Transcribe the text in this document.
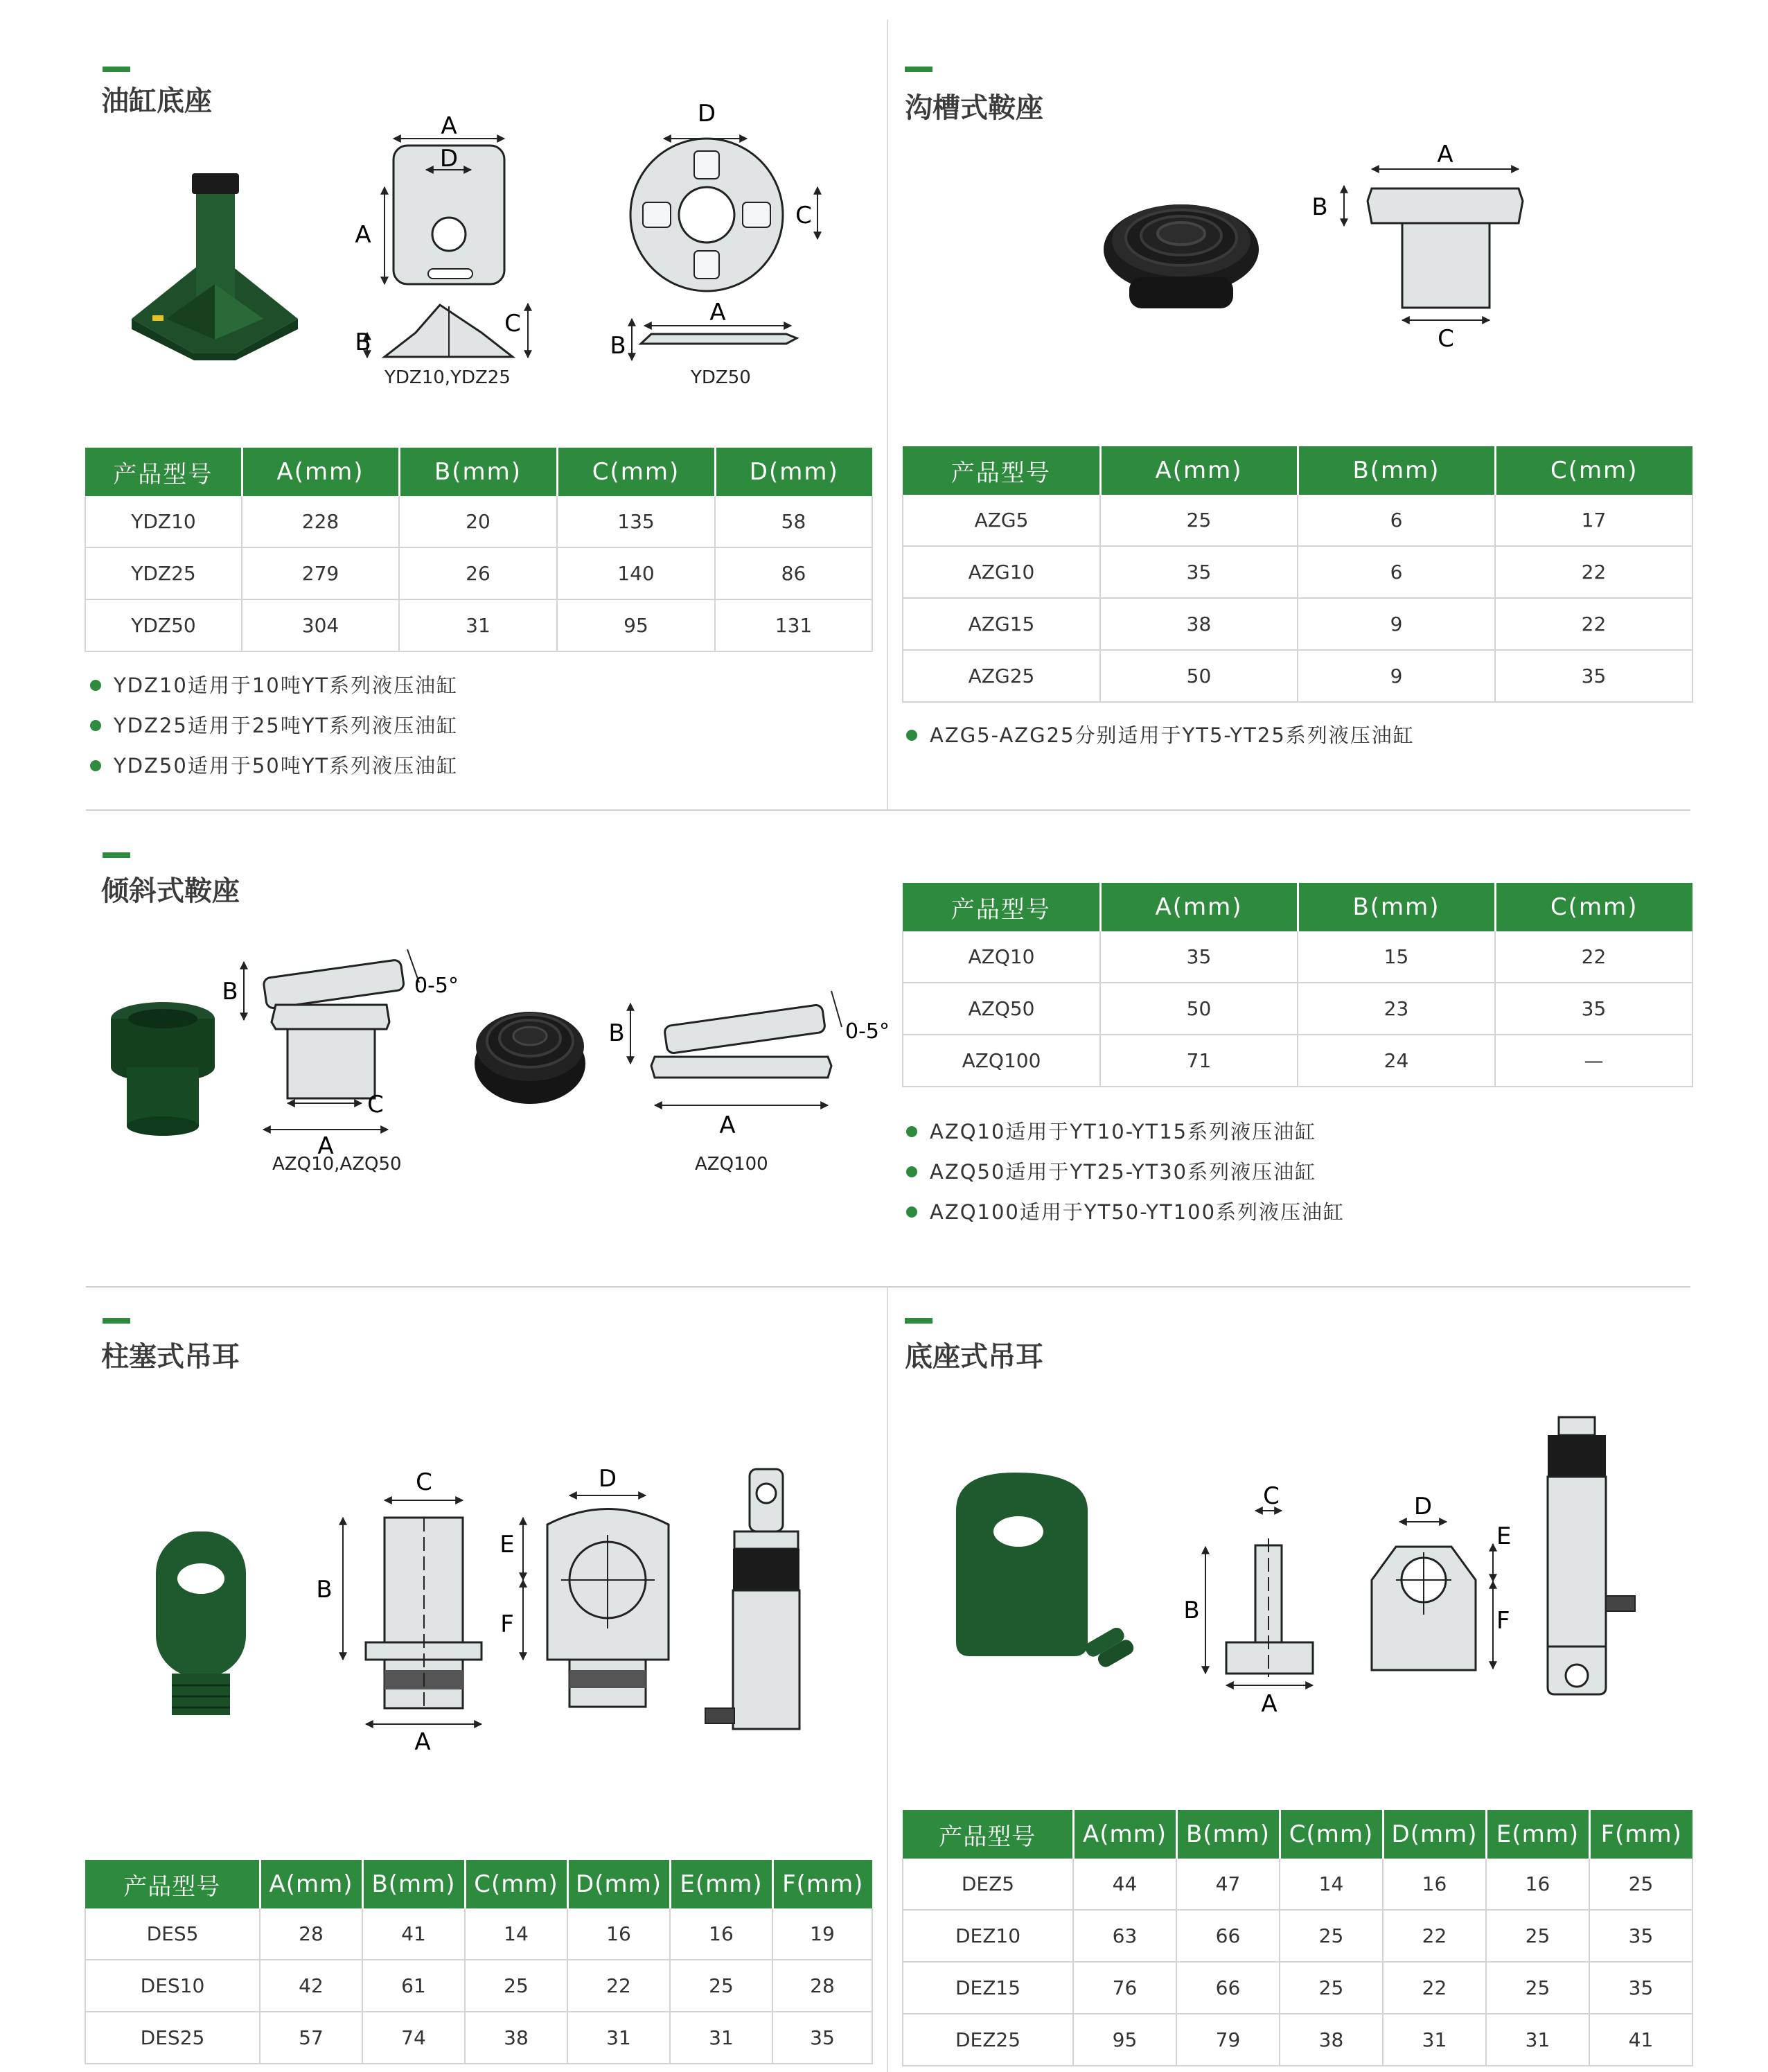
油缸底座
A
D
A
B
C
YDZ10,YDZ25
D
C
A
B
YDZ50
产品型号	A(mm)	B(mm)	C(mm)	D(mm)
YDZ10	228	20	135	58
YDZ25	279	26	140	86
YDZ50	304	31	95	131
YDZ10适用于10吨YT系列液压油缸
YDZ25适用于25吨YT系列液压油缸
YDZ50适用于50吨YT系列液压油缸
沟槽式鞍座
A
B
C
产品型号	A(mm)	B(mm)	C(mm)
AZG5	25	6	17
AZG10	35	6	22
AZG15	38	9	22
AZG25	50	9	35
AZG5-AZG25分别适用于YT5-YT25系列液压油缸
倾斜式鞍座
B	0-5°
C
A
AZQ10,AZQ50
B	0-5°
A
AZQ100
产品型号	A(mm)	B(mm)	C(mm)
AZQ10	35	15	22
AZQ50	50	23	35
AZQ100	71	24	—
AZQ10适用于YT10-YT15系列液压油缸
AZQ50适用于YT25-YT30系列液压油缸
AZQ100适用于YT50-YT100系列液压油缸
柱塞式吊耳
C
B
A
D
E
F
产品型号	A(mm)	B(mm)	C(mm)	D(mm)	E(mm)	F(mm)
DES5	28	41	14	16	16	19
DES10	42	61	25	22	25	28
DES25	57	74	38	31	31	35
底座式吊耳
C
B
A
D
E
F
产品型号	A(mm)	B(mm)	C(mm)	D(mm)	E(mm)	F(mm)
DEZ5	44	47	14	16	16	25
DEZ10	63	66	25	22	25	35
DEZ15	76	66	25	22	25	35
DEZ25	95	79	38	31	31	41
